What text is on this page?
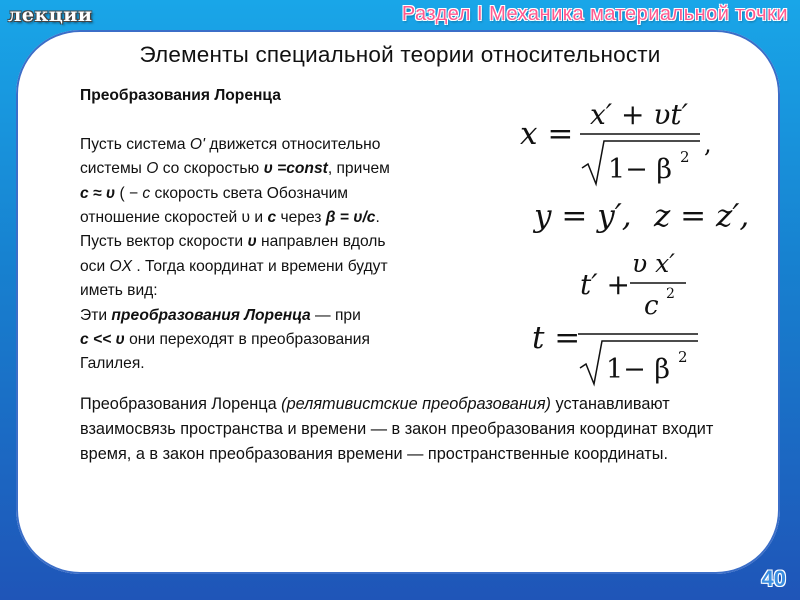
лекции	Раздел I Механика материальной точки
Элементы специальной теории относительности
Преобразования Лоренца
Пусть система O' движется относительно
системы O со скоростью υ =const, причем
c ≈ υ ( − c скорость света Обозначим
отношение скоростей υ и c через β = υ/c.
Пусть вектор скорости υ направлен вдоль
оси OX . Тогда координат и времени будут
иметь вид:
Эти преобразования Лоренца — при
c << υ они переходят в преобразования
Галилея.
x =
x′ + υt′
1− β 2 ,
y = y′, z = z′,
t =
t′ +
υ x′
c 2
1− β 2
Преобразования Лоренца (релятивистские преобразования) устанавливают взаимосвязь пространства и времени — в закон преобразования координат входит время, а в закон преобразования времени — пространственные координаты.
40
